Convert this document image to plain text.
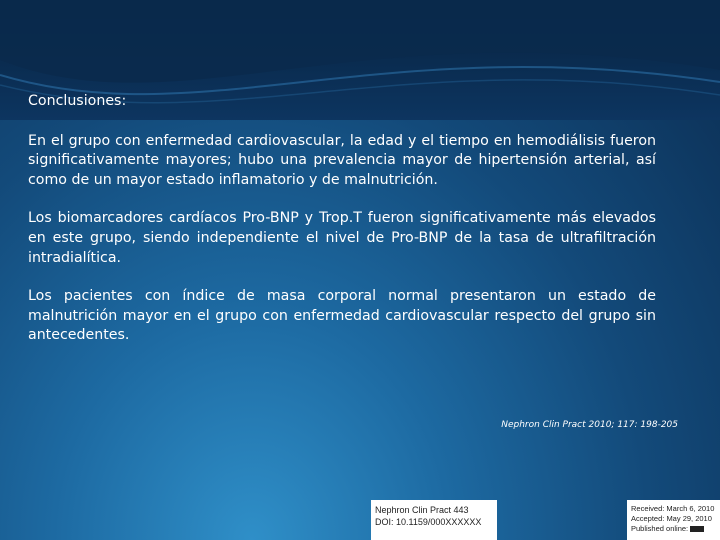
Conclusiones:

En el grupo con enfermedad cardiovascular, la edad y el tiempo en hemodiálisis fueron significativamente mayores; hubo una prevalencia mayor de hipertensión arterial, así como de un mayor estado inflamatorio y de malnutrición.

Los biomarcadores cardíacos Pro-BNP y Trop.T fueron significativamente más elevados en este grupo, siendo independiente el nivel de Pro-BNP de la tasa de ultrafiltración intradialítica.

Los pacientes con índice de masa corporal normal presentaron un estado de malnutrición mayor en el grupo con enfermedad cardiovascular respecto del grupo sin antecedentes.

Nephron Clin Pract 2010; 117: 198-205
Nephron Clin Pract 443
DOI: 10.1159/000XXXXXX
Received: March 6, 2010
Accepted: May 29, 2010
Published online:
